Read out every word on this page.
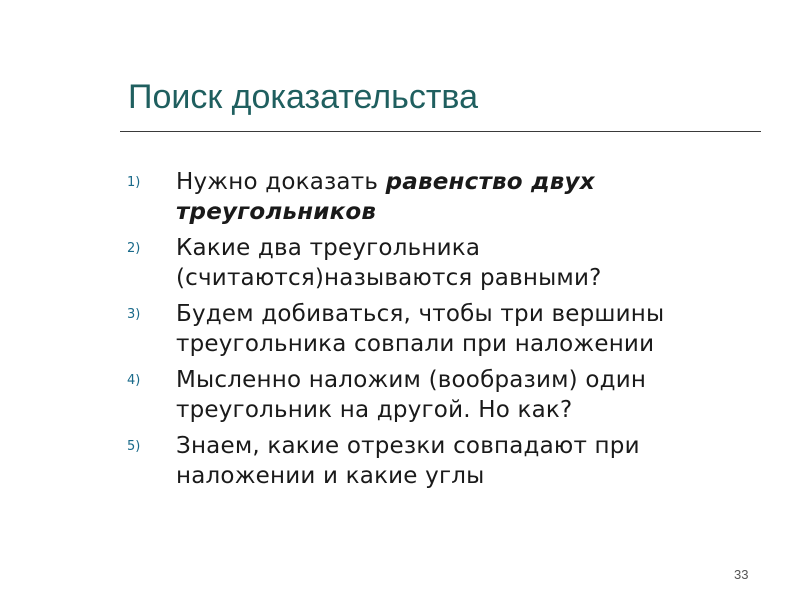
Поиск доказательства
1) Нужно доказать равенство двух треугольников
2) Какие два треугольника
(считаются)называются равными?
3) Будем добиваться, чтобы три вершины
треугольника совпали при наложении
4) Мысленно наложим (вообразим) один
треугольник на другой. Но как?
5) Знаем, какие отрезки совпадают при
наложении и какие углы
33
